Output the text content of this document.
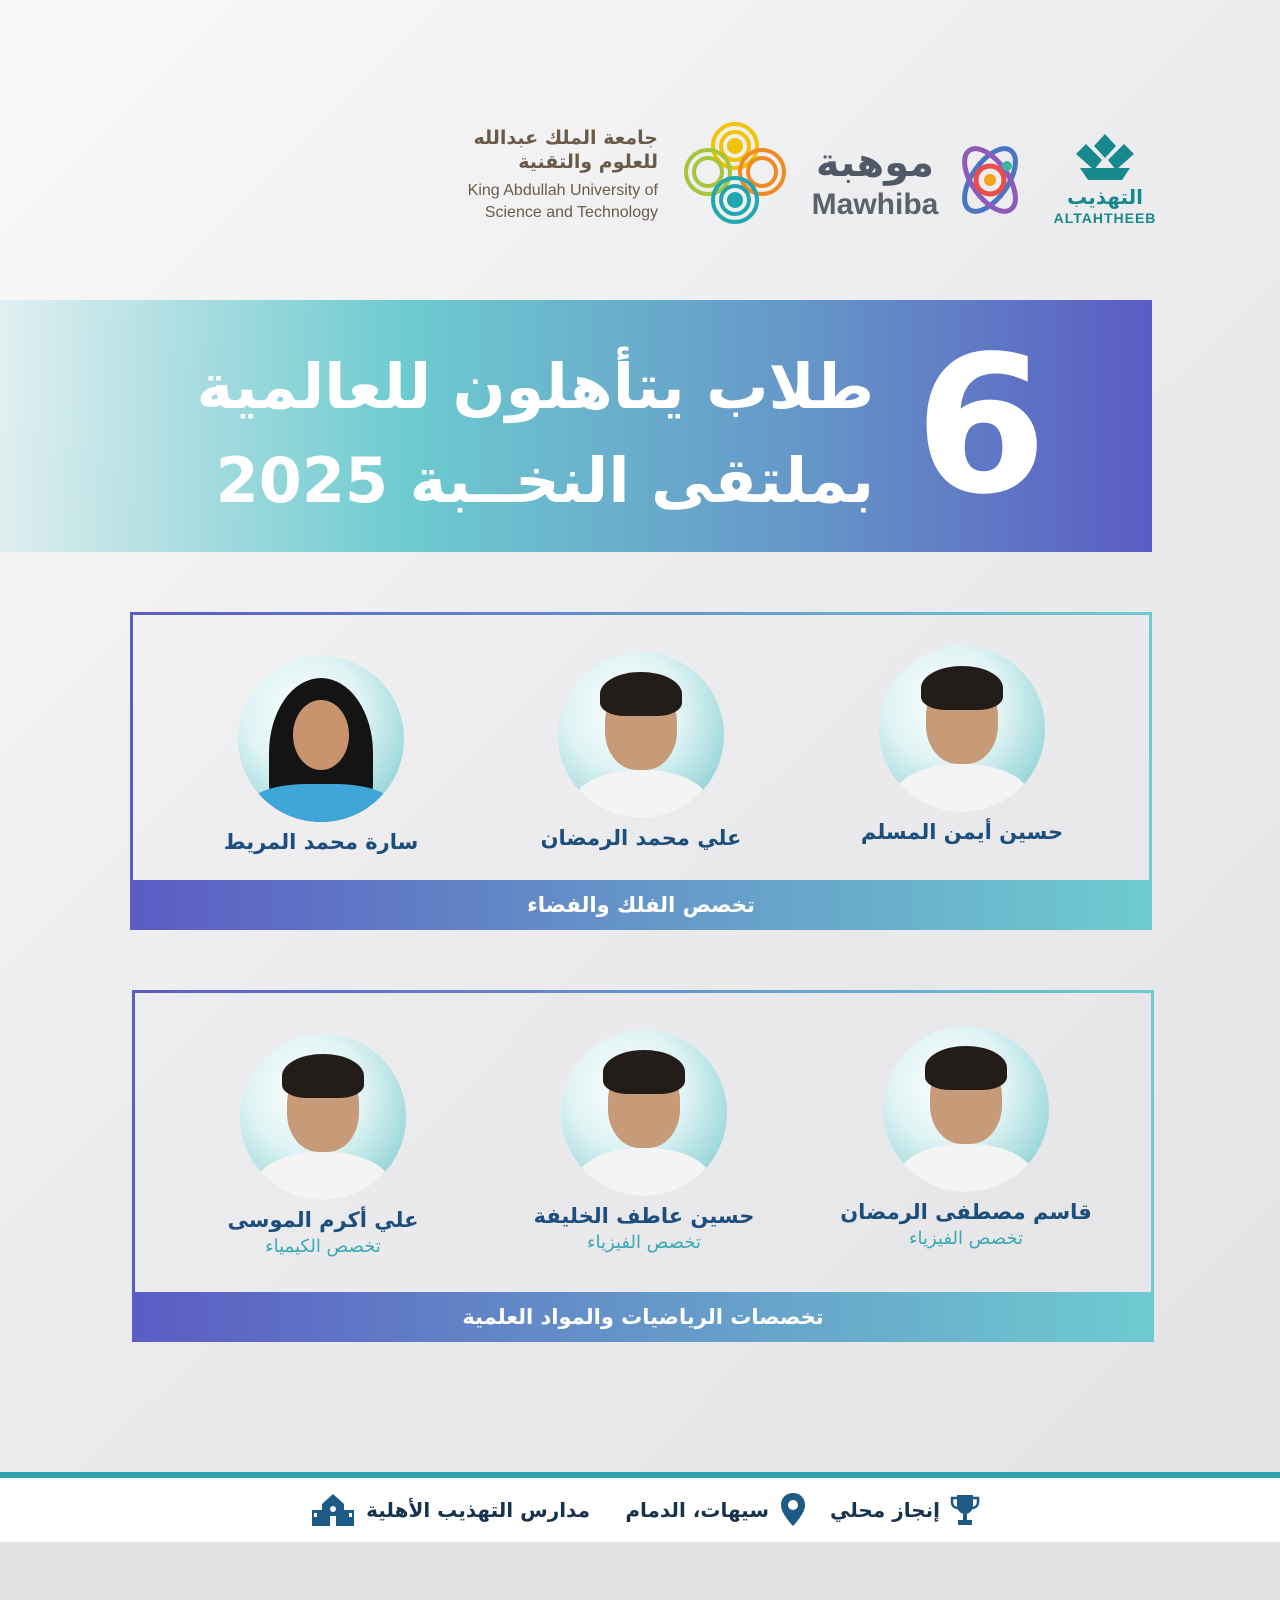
جامعة الملك عبدالله
للعلوم والتقنية
King Abdullah University of
Science and Technology
موهبة
Mawhiba	التهذيب
ALTAHTHEEB
6
طلاب يتأهلون للعالمية
بملتقى النخــبة 2025
حسين أيمن المسلم
علي محمد الرمضان
سارة محمد المريط
تخصص الفلك والفضاء
قاسم مصطفى الرمضان
تخصص الفيزياء
حسين عاطف الخليفة
تخصص الفيزياء
علي أكرم الموسى
تخصص الكيمياء
تخصصات الرياضيات والمواد العلمية
إنجاز محلي
سيهات، الدمام
مدارس التهذيب الأهلية
